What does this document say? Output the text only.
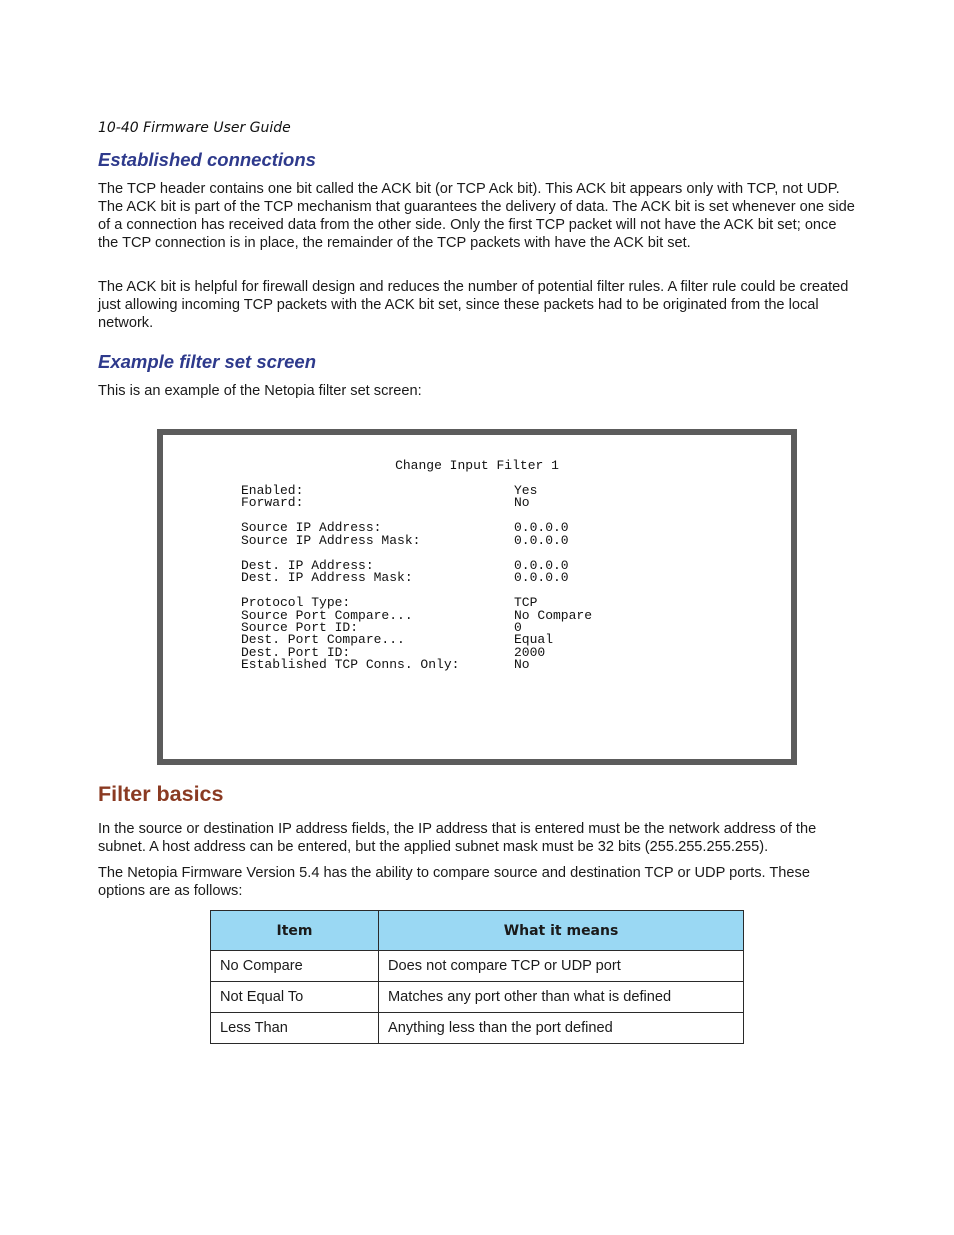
10-40 Firmware User Guide
Established connections

The TCP header contains one bit called the ACK bit (or TCP Ack bit). This ACK bit appears only with TCP, not UDP. The ACK bit is part of the TCP mechanism that guarantees the delivery of data. The ACK bit is set whenever one side of a connection has received data from the other side. Only the first TCP packet will not have the ACK bit set; once the TCP connection is in place, the remainder of the TCP packets with have the ACK bit set.

The ACK bit is helpful for firewall design and reduces the number of potential filter rules. A filter rule could be created just allowing incoming TCP packets with the ACK bit set, since these packets had to be originated from the local network.

Example filter set screen

This is an example of the Netopia filter set screen:

Change Input Filter 1
Enabled:	Yes
Forward:	No
Source IP Address:	0.0.0.0
Source IP Address Mask:	0.0.0.0
Dest. IP Address:	0.0.0.0
Dest. IP Address Mask:	0.0.0.0
Protocol Type:	TCP
Source Port Compare...	No Compare
Source Port ID:	0
Dest. Port Compare...	Equal
Dest. Port ID:	2000
Established TCP Conns. Only:	No
Filter basics

In the source or destination IP address fields, the IP address that is entered must be the network address of the subnet. A host address can be entered, but the applied subnet mask must be 32 bits (255.255.255.255).

The Netopia Firmware Version 5.4 has the ability to compare source and destination TCP or UDP ports. These options are as follows:

Item	What it means
No Compare	Does not compare TCP or UDP port
Not Equal To	Matches any port other than what is defined
Less Than	Anything less than the port defined
